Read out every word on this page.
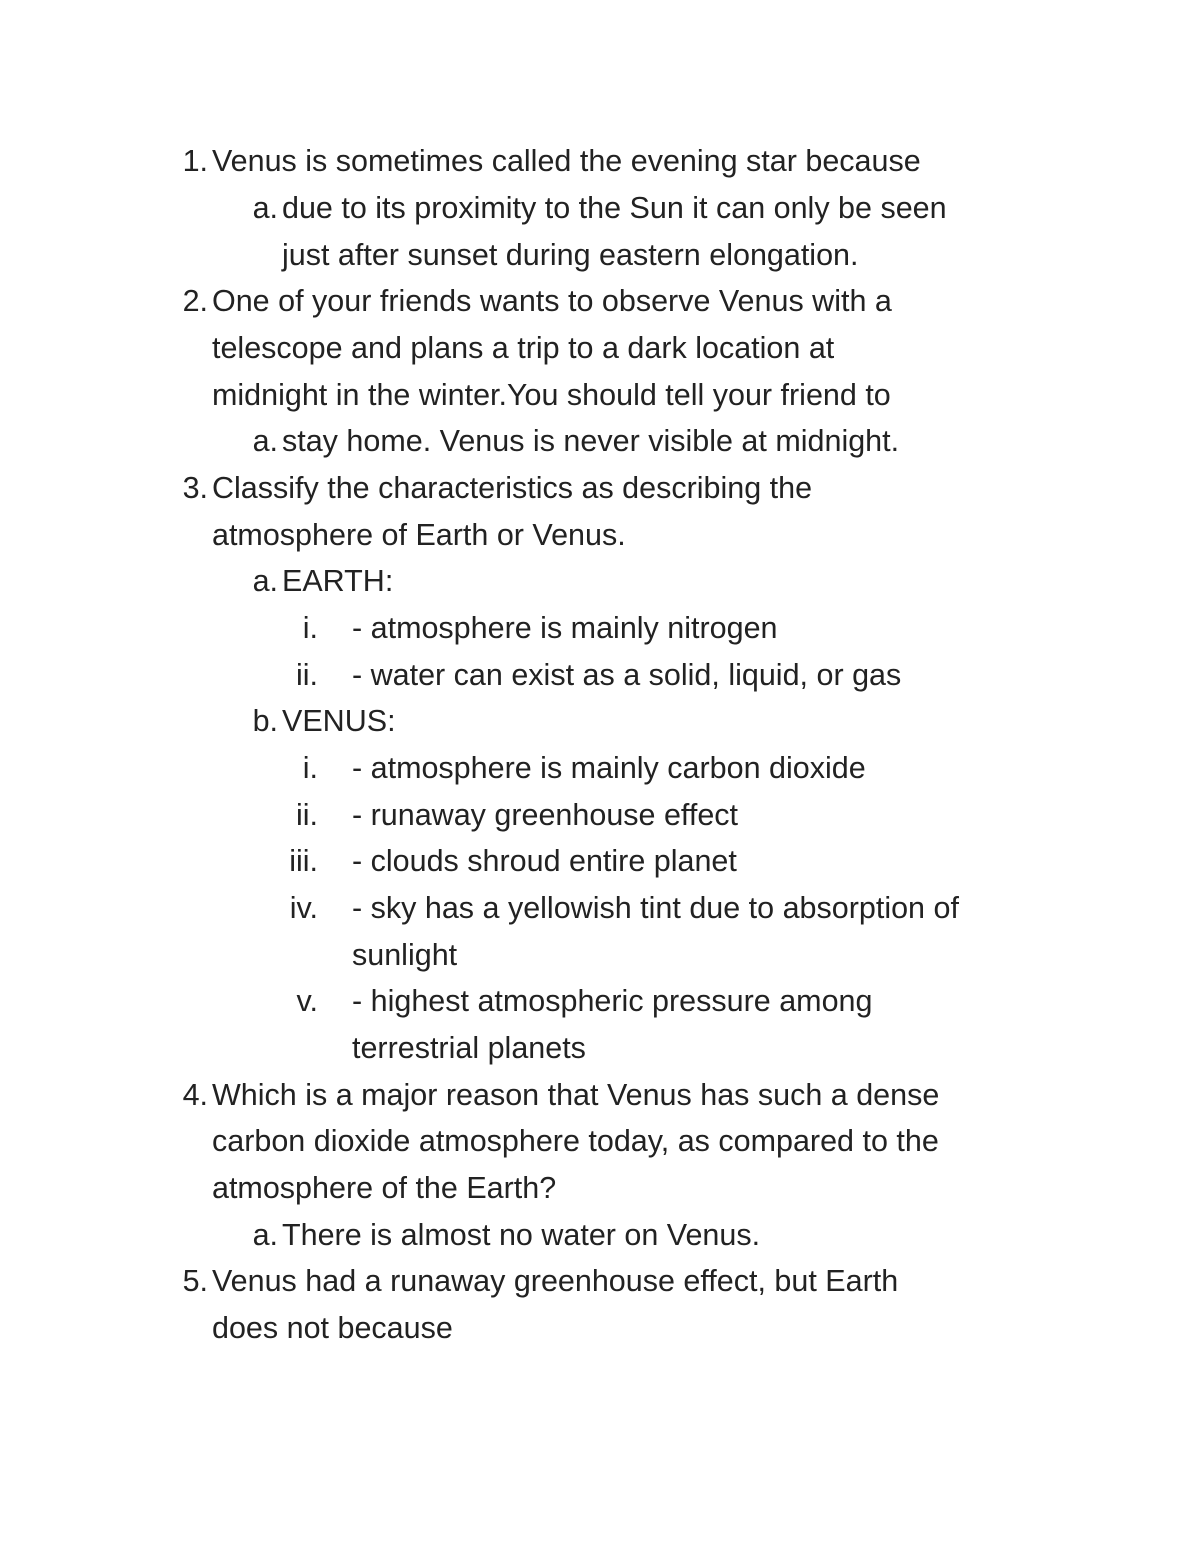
1. Venus is sometimes called the evening star because
a. due to its proximity to the Sun it can only be seen
just after sunset during eastern elongation.
2. One of your friends wants to observe Venus with a
telescope and plans a trip to a dark location at
midnight in the winter.You should tell your friend to
a. stay home. Venus is never visible at midnight.
3. Classify the characteristics as describing the
atmosphere of Earth or Venus.
a. EARTH:
i. - atmosphere is mainly nitrogen
ii. - water can exist as a solid, liquid, or gas
b. VENUS:
i. - atmosphere is mainly carbon dioxide
ii. - runaway greenhouse effect
iii. - clouds shroud entire planet
iv. - sky has a yellowish tint due to absorption of
sunlight
v. - highest atmospheric pressure among
terrestrial planets
4. Which is a major reason that Venus has such a dense
carbon dioxide atmosphere today, as compared to the
atmosphere of the Earth?
a. There is almost no water on Venus.
5. Venus had a runaway greenhouse effect, but Earth
does not because
